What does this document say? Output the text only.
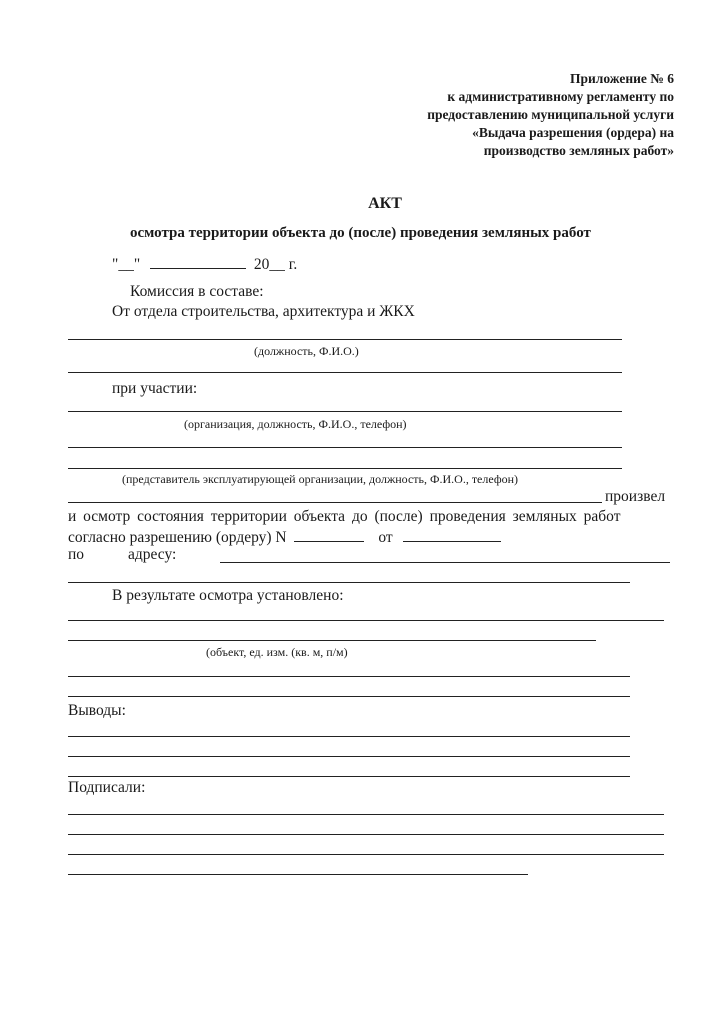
Приложение № 6
к административному регламенту по
предоставлению муниципальной услуги
«Выдача разрешения (ордера) на
производство земляных работ»
АКТ
осмотра территории объекта до (после) проведения земляных работ
"__"	20__ г.
Комиссия в составе:
От отдела строительства, архитектура и ЖКХ
(должность, Ф.И.О.)
при участии:
(организация, должность, Ф.И.О., телефон)
(представитель эксплуатирующей организации, должность, Ф.И.О., телефон)
произвел
и осмотр состояния территории объекта до (после) проведения земляных работ
согласно разрешению (ордеру) N	от
по	адресу:
В результате осмотра установлено:
(объект, ед. изм. (кв. м, п/м)
Выводы:
Подписали:
